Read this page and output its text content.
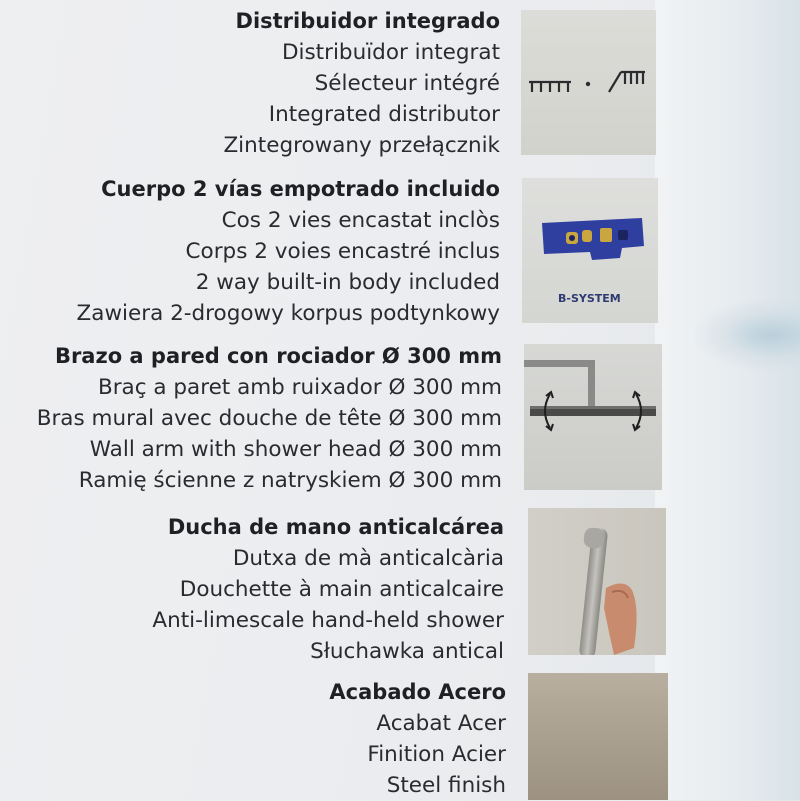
Distribuidor integrado
Distribuïdor integrat
Sélecteur intégré
Integrated distributor
Zintegrowany przełącznik
Cuerpo 2 vías empotrado incluido
Cos 2 vies encastat inclòs
Corps 2 voies encastré inclus
2 way built-in body included
Zawiera 2-drogowy korpus podtynkowy
Brazo a pared con rociador Ø 300 mm
Braç a paret amb ruixador Ø 300 mm
Bras mural avec douche de tête Ø 300 mm
Wall arm with shower head Ø 300 mm
Ramię ścienne z natryskiem Ø 300 mm
Ducha de mano anticalcárea
Dutxa de mà anticalcària
Douchette à main anticalcaire
Anti-limescale hand-held shower
Słuchawka antical
Acabado Acero
Acabat Acer
Finition Acier
Steel finish
B-SYSTEM
